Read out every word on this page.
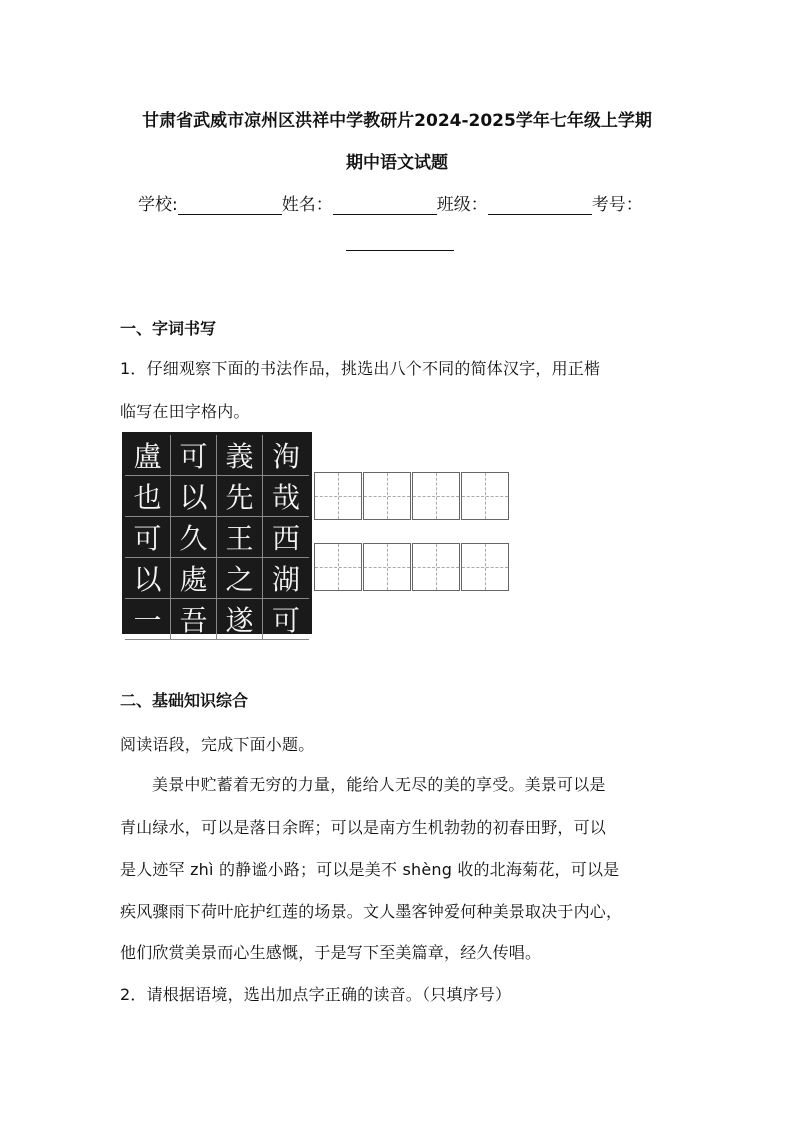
甘肃省武威市凉州区洪祥中学教研片2024-2025学年七年级上学期
期中语文试题
学校:	姓名：	班级：	考号：
一、字词书写
1．仔细观察下面的书法作品，挑选出八个不同的简体汉字，用正楷
临写在田字格内。
盧 可 義 洵
也 以 先 哉
可 久 王 西
以 處 之 湖
一 吾 遂 可
二、基础知识综合
阅读语段，完成下面小题。
美景中贮蓄着无穷的力量，能给人无尽的美的享受。美景可以是
青山绿水，可以是落日余晖；可以是南方生机勃勃的初春田野，可以
是人迹罕 zhì 的静谧小路；可以是美不 shèng 收的北海菊花，可以是
疾风骤雨下荷叶庇护红莲的场景。文人墨客钟爱何种美景取决于内心，
他们欣赏美景而心生感慨，于是写下至美篇章，经久传唱。
2．请根据语境，选出加点字正确的读音。（只填序号）
